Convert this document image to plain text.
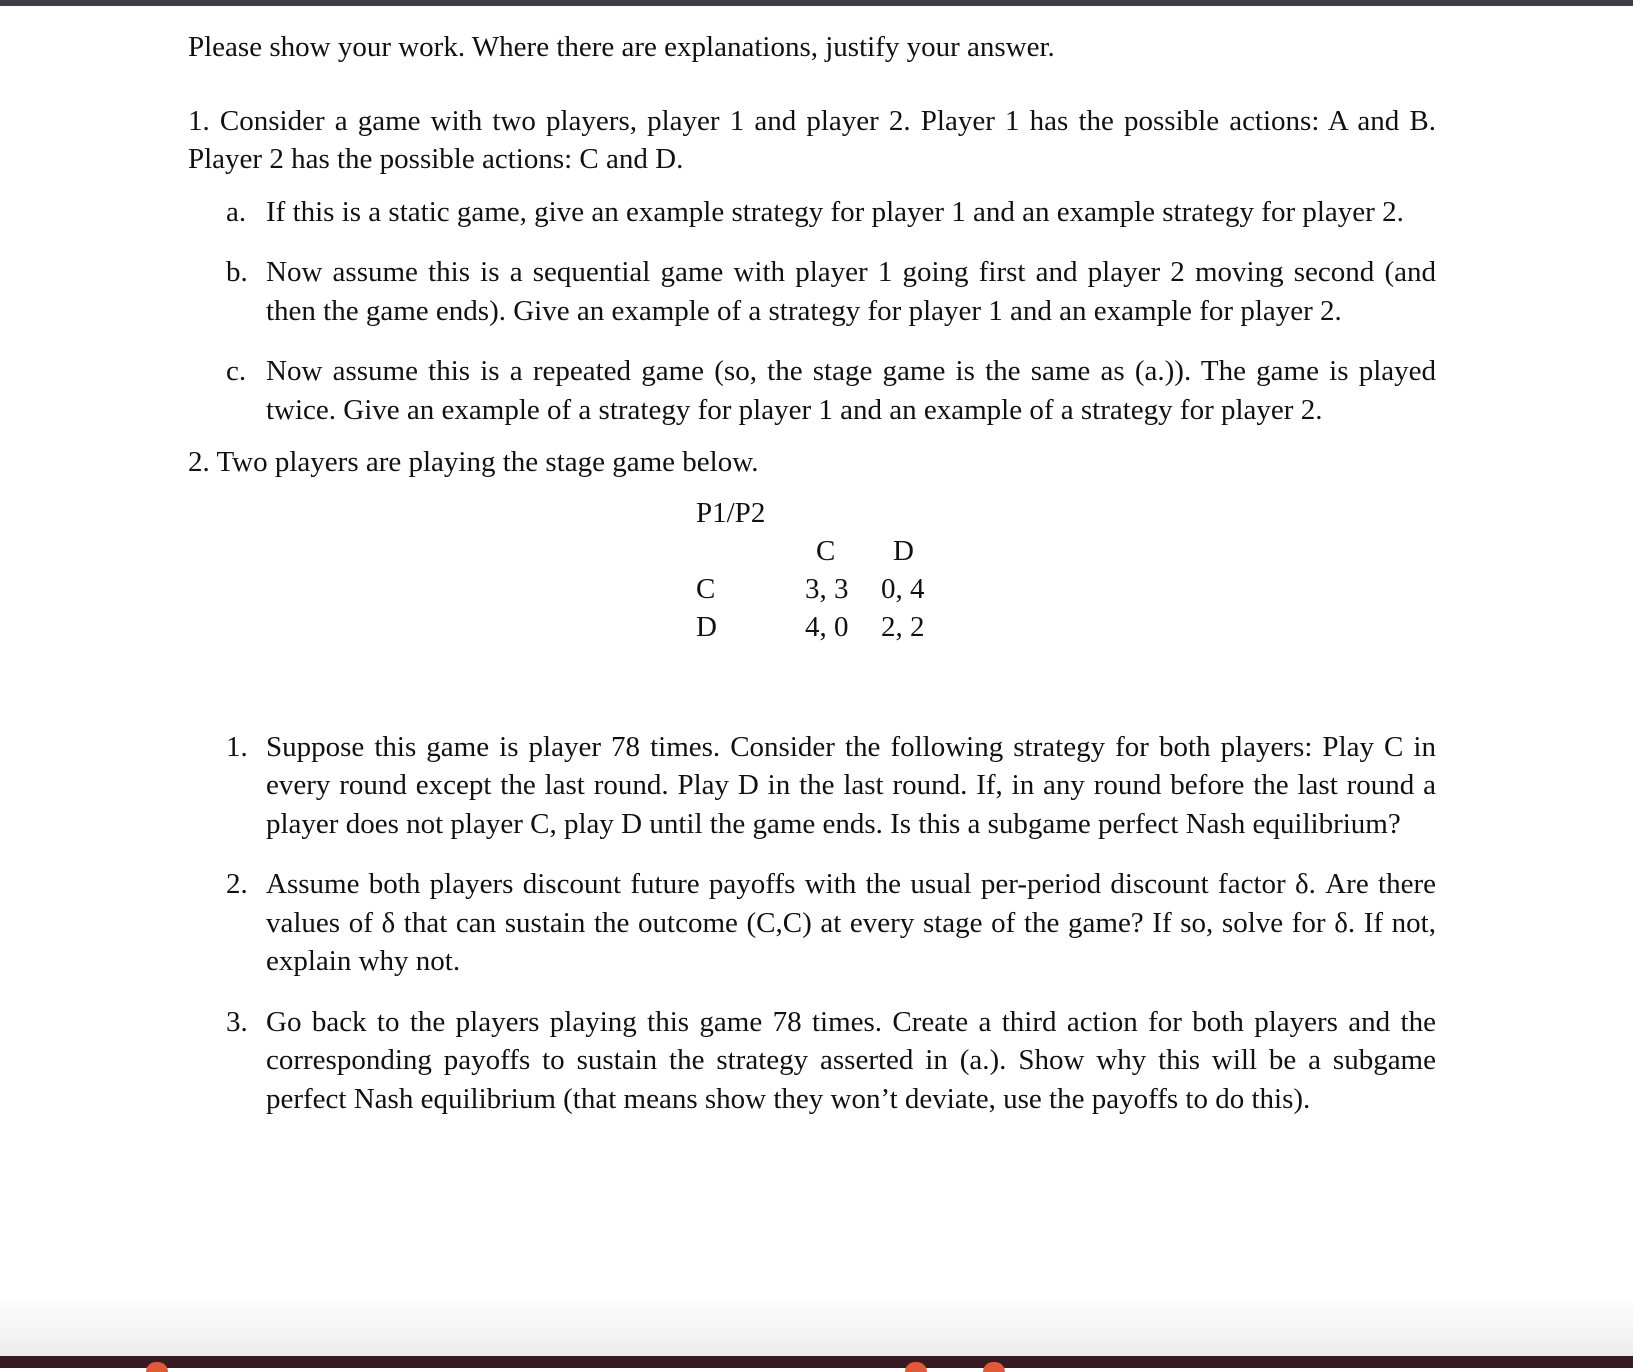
Please show your work. Where there are explanations, justify your answer.

1. Consider a game with two players, player 1 and player 2. Player 1 has the possible actions: A and B. Player 2 has the possible actions: C and D.

a. If this is a static game, give an example strategy for player 1 and an example strategy for player 2.
b. Now assume this is a sequential game with player 1 going first and player 2 moving second (and then the game ends). Give an example of a strategy for player 1 and an example for player 2.
c. Now assume this is a repeated game (so, the stage game is the same as (a.)). The game is played twice. Give an example of a strategy for player 1 and an example of a strategy for player 2.

2. Two players are playing the stage game below.

P1/P2
C D
C
D
3, 3 0, 4
4, 0 2, 2
1. Suppose this game is player 78 times. Consider the following strategy for both players: Play C in every round except the last round. Play D in the last round. If, in any round before the last round a player does not player C, play D until the game ends. Is this a subgame perfect Nash equilibrium?
2. Assume both players discount future payoffs with the usual per-period discount factor δ. Are there values of δ that can sustain the outcome (C,C) at every stage of the game? If so, solve for δ. If not, explain why not.
3. Go back to the players playing this game 78 times. Create a third action for both players and the corresponding payoffs to sustain the strategy asserted in (a.). Show why this will be a subgame perfect Nash equilibrium (that means show they won’t deviate, use the payoffs to do this).
